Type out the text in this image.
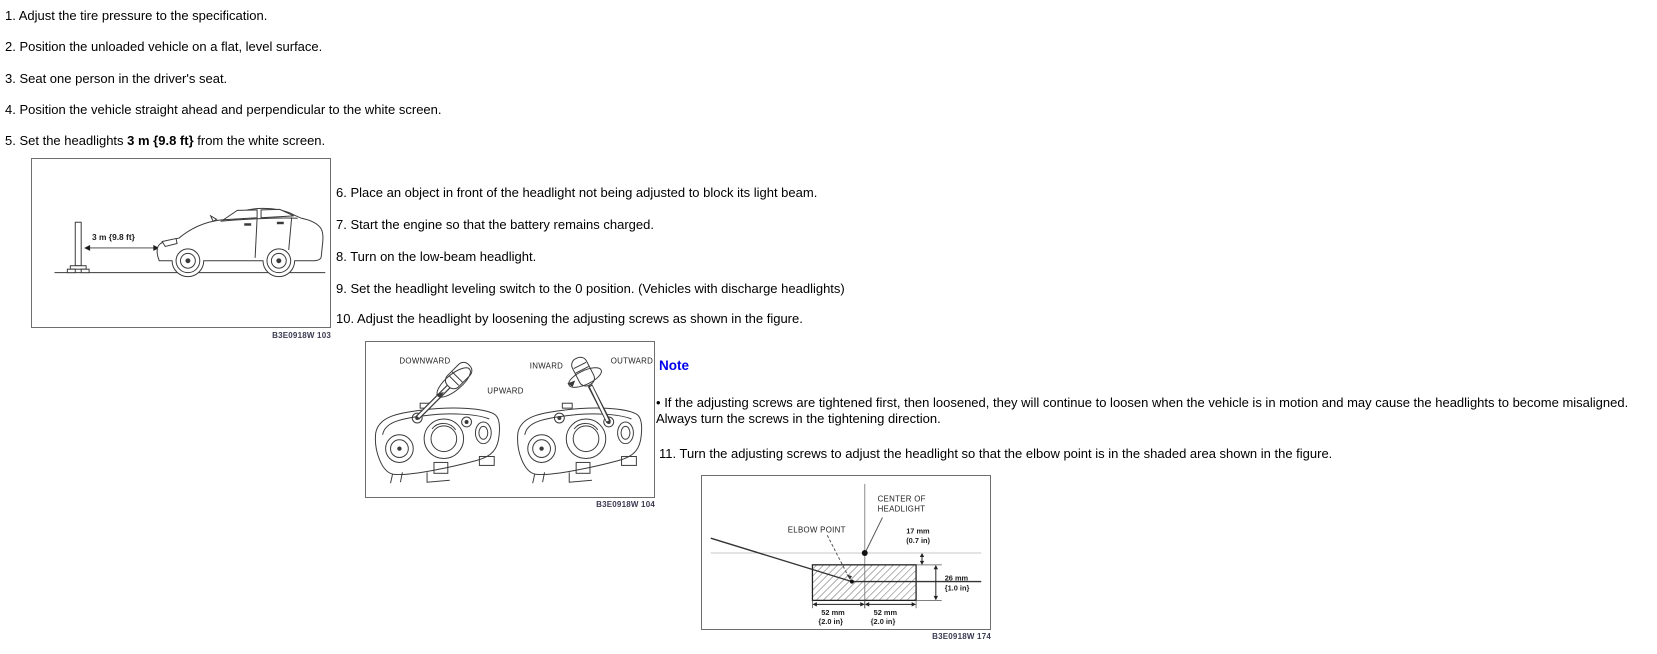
1. Adjust the tire pressure to the specification.
2. Position the unloaded vehicle on a flat, level surface.
3. Seat one person in the driver's seat.
4. Position the vehicle straight ahead and perpendicular to the white screen.
5. Set the headlights 3 m {9.8 ft} from the white screen.
3 m {9.8 ft}
B3E0918W 103
6. Place an object in front of the headlight not being adjusted to block its light beam.
7. Start the engine so that the battery remains charged.
8. Turn on the low-beam headlight.
9. Set the headlight leveling switch to the 0 position. (Vehicles with discharge headlights)
10. Adjust the headlight by loosening the adjusting screws as shown in the figure.
DOWNWARD
UPWARD
INWARD
OUTWARD
B3E0918W 104
Note
• If the adjusting screws are tightened first, then loosened, they will continue to loosen when the vehicle is in motion and may cause the headlights to become misaligned.
Always turn the screws in the tightening direction.
11. Turn the adjusting screws to adjust the headlight so that the elbow point is in the shaded area shown in the figure.
CENTER OF
HEADLIGHT
ELBOW POINT	17 mm
(0.7 in)
26 mm
{1.0 in}
52 mm
{2.0 in}
52 mm
{2.0 in}
B3E0918W 174
